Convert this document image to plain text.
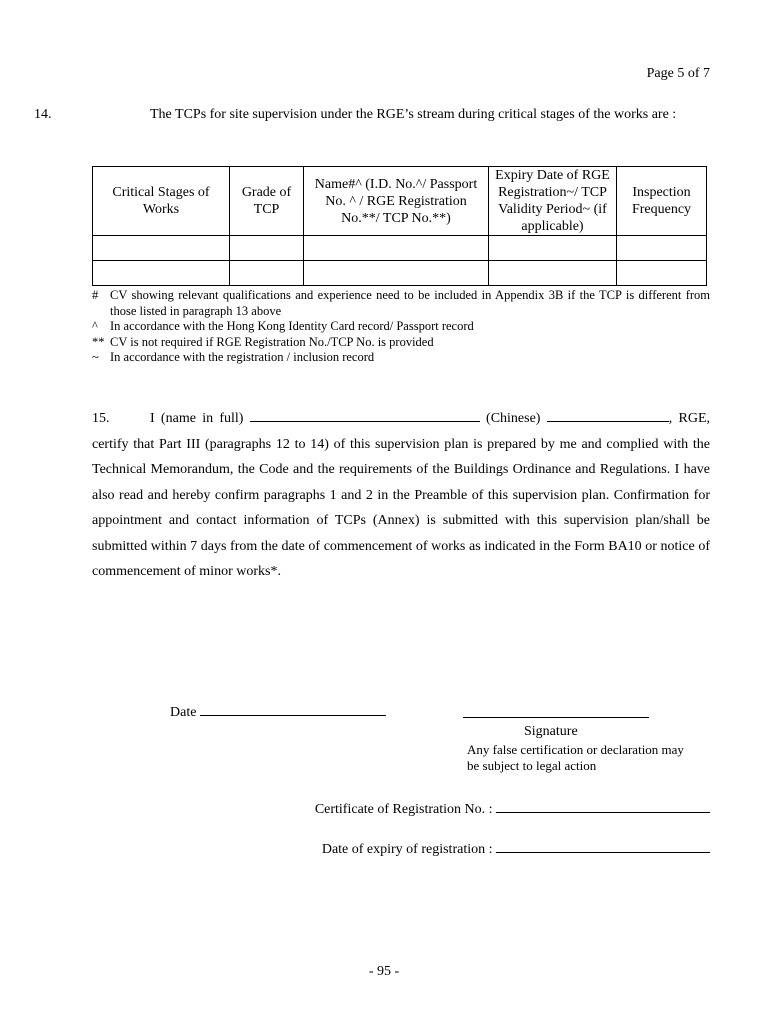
Page 5 of 7
14.	The TCPs for site supervision under the RGE’s stream during critical stages of the works are :
Critical Stages of Works	Grade of TCP	Name#^ (I.D. No.^/ Passport No. ^ / RGE Registration No.**/ TCP No.**)	Expiry Date of RGE Registration~/ TCP Validity Period~ (if applicable)	Inspection Frequency

# CV showing relevant qualifications and experience need to be included in Appendix 3B if the TCP is different from those listed in paragraph 13 above
^ In accordance with the Hong Kong Identity Card record/ Passport record
** CV is not required if RGE Registration No./TCP No. is provided
~ In accordance with the registration / inclusion record
15.	I (name in full)	(Chinese)	, RGE, certify that Part III (paragraphs 12 to 14) of this supervision plan is prepared by me and complied with the Technical Memorandum, the Code and the requirements of the Buildings Ordinance and Regulations. I have also read and hereby confirm paragraphs 1 and 2 in the Preamble of this supervision plan. Confirmation for appointment and contact information of TCPs (Annex) is submitted with this supervision plan/shall be submitted within 7 days from the date of commencement of works as indicated in the Form BA10 or notice of commencement of minor works*.
Date
Signature
Any false certification or declaration may
be subject to legal action
Certificate of Registration No. :
Date of expiry of registration :
- 95 -
